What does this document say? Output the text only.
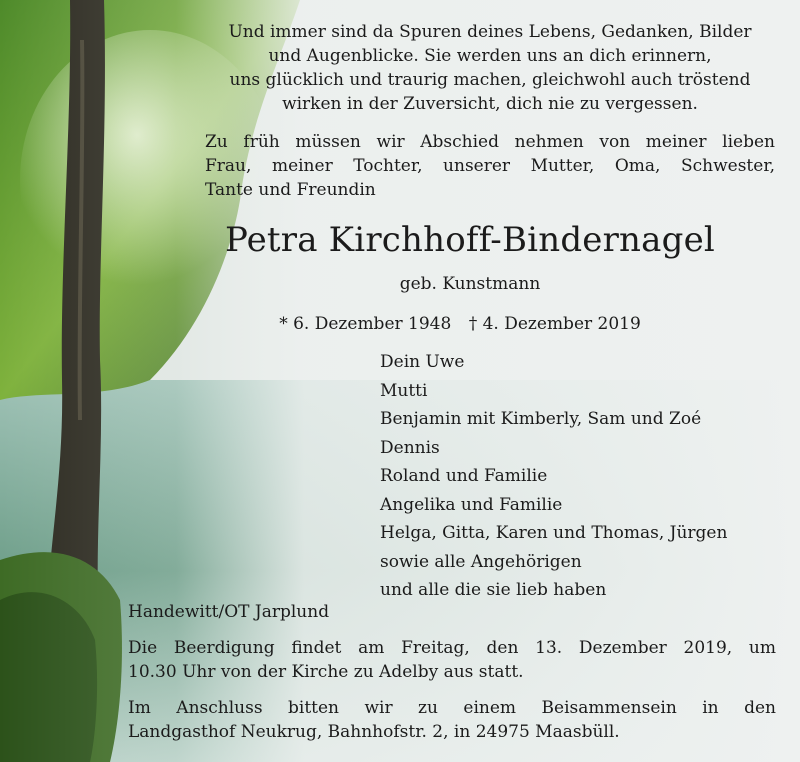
Und immer sind da Spuren deines Lebens, Gedanken, Bilder
und Augenblicke. Sie werden uns an dich erinnern,
uns glücklich und traurig machen, gleichwohl auch tröstend
wirken in der Zuversicht, dich nie zu vergessen.
Zu früh müssen wir Abschied nehmen von meiner lieben
Frau, meiner Tochter, unserer Mutter, Oma, Schwester,
Tante und Freundin
Petra Kirchhoff-Bindernagel
geb. Kunstmann
* 6. Dezember 1948 † 4. Dezember 2019
Dein Uwe
Mutti
Benjamin mit Kimberly, Sam und Zoé
Dennis
Roland und Familie
Angelika und Familie
Helga, Gitta, Karen und Thomas, Jürgen
sowie alle Angehörigen
und alle die sie lieb haben
Handewitt/OT Jarplund
Die Beerdigung findet am Freitag, den 13. Dezember 2019, um
10.30 Uhr von der Kirche zu Adelby aus statt.
Im Anschluss bitten wir zu einem Beisammensein in den
Landgasthof Neukrug, Bahnhofstr. 2, in 24975 Maasbüll.
